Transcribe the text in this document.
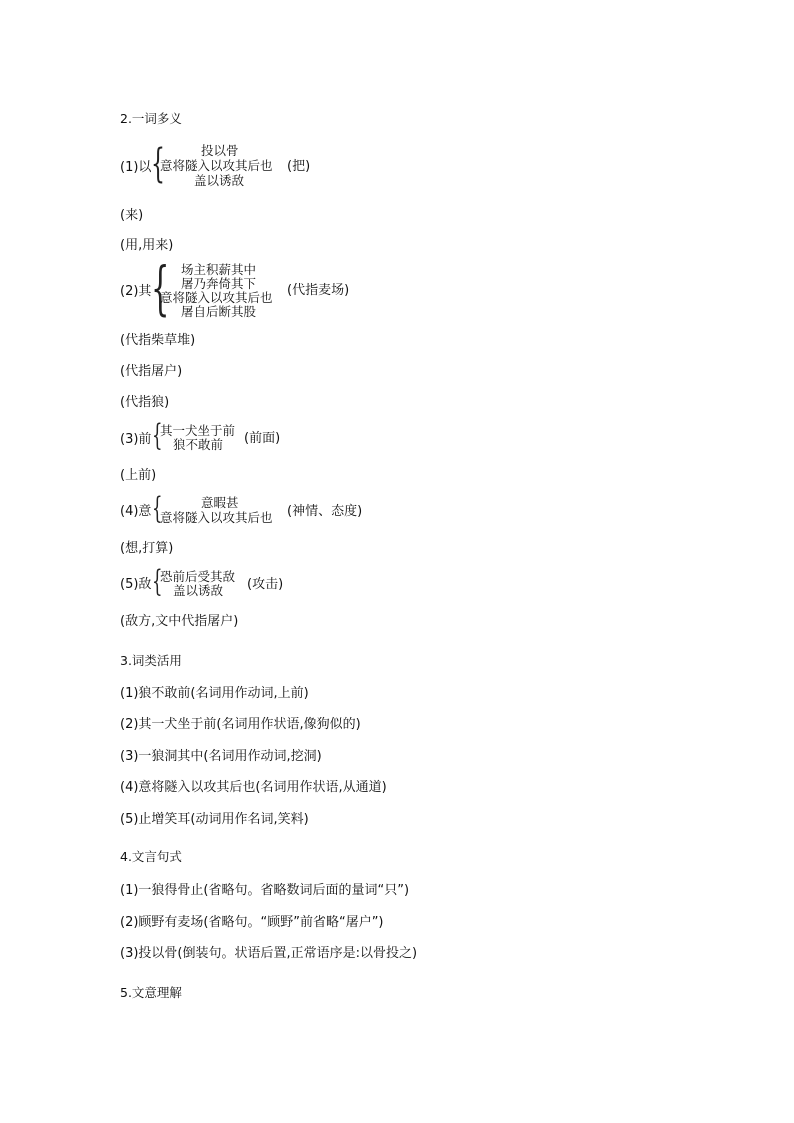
2.一词多义
(1)以 {	投以骨
意将隧入以攻其后也
盖以诱敌
(把)
(来)
(用,用来)
(2)其 { 场主积薪其中
屠乃奔倚其下
意将隧入以攻其后也
屠自后断其股
(代指麦场)
(代指柴草堆)
(代指屠户)
(代指狼)
(3)前 {
其一犬坐于前
狼不敢前 (前面)
(上前)
(4)意 {	意暇甚
意将隧入以攻其后也 (神情、态度)
(想,打算)
(5)敌 {
恐前后受其敌
盖以诱敌 (攻击)
(敌方,文中代指屠户)
3.词类活用
(1)狼不敢前(名词用作动词,上前)
(2)其一犬坐于前(名词用作状语,像狗似的)
(3)一狼洞其中(名词用作动词,挖洞)
(4)意将隧入以攻其后也(名词用作状语,从通道)
(5)止增笑耳(动词用作名词,笑料)
4.文言句式
(1)一狼得骨止(省略句。省略数词后面的量词“只”)
(2)顾野有麦场(省略句。“顾野”前省略“屠户”)
(3)投以骨(倒装句。状语后置,正常语序是:以骨投之)
5.文意理解
